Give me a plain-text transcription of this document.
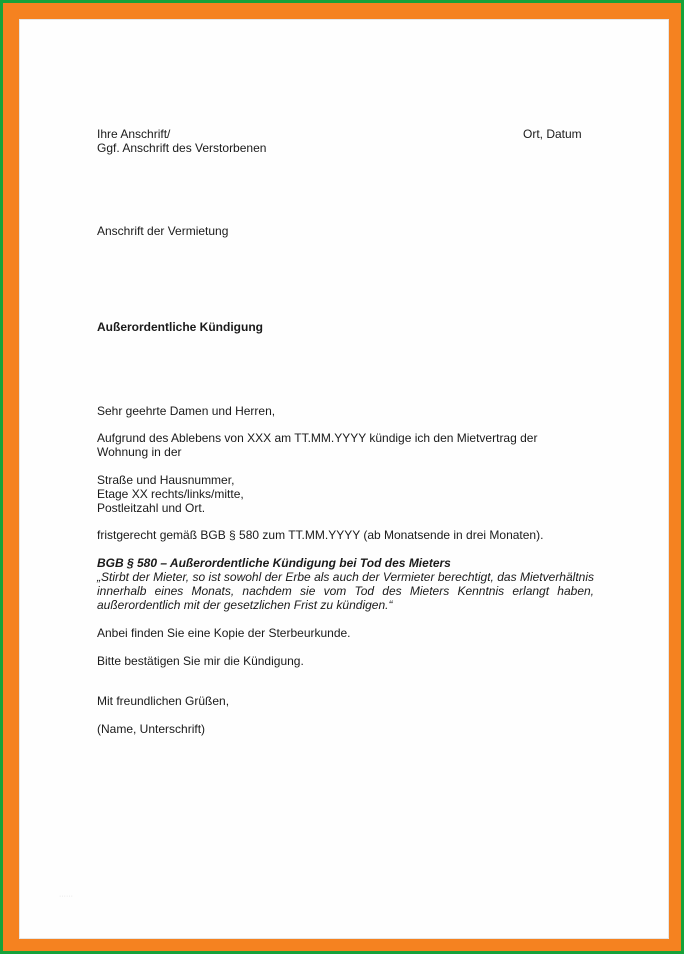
Ihre Anschrift/
Ggf. Anschrift des Verstorbenen
Ort, Datum
Anschrift der Vermietung
Außerordentliche Kündigung
Sehr geehrte Damen und Herren,
Aufgrund des Ablebens von XXX am TT.MM.YYYY kündige ich den Mietvertrag der
Wohnung in der
Straße und Hausnummer,
Etage XX rechts/links/mitte,
Postleitzahl und Ort.
fristgerecht gemäß BGB § 580 zum TT.MM.YYYY (ab Monatsende in drei Monaten).
BGB § 580 – Außerordentliche Kündigung bei Tod des Mieters
„Stirbt der Mieter, so ist sowohl der Erbe als auch der Vermieter berechtigt, das Mietverhältnis innerhalb eines Monats, nachdem sie vom Tod des Mieters Kenntnis erlangt haben, außerordentlich mit der gesetzlichen Frist zu kündigen.“
Anbei finden Sie eine Kopie der Sterbeurkunde.
Bitte bestätigen Sie mir die Kündigung.
Mit freundlichen Grüßen,
(Name, Unterschrift)
······
